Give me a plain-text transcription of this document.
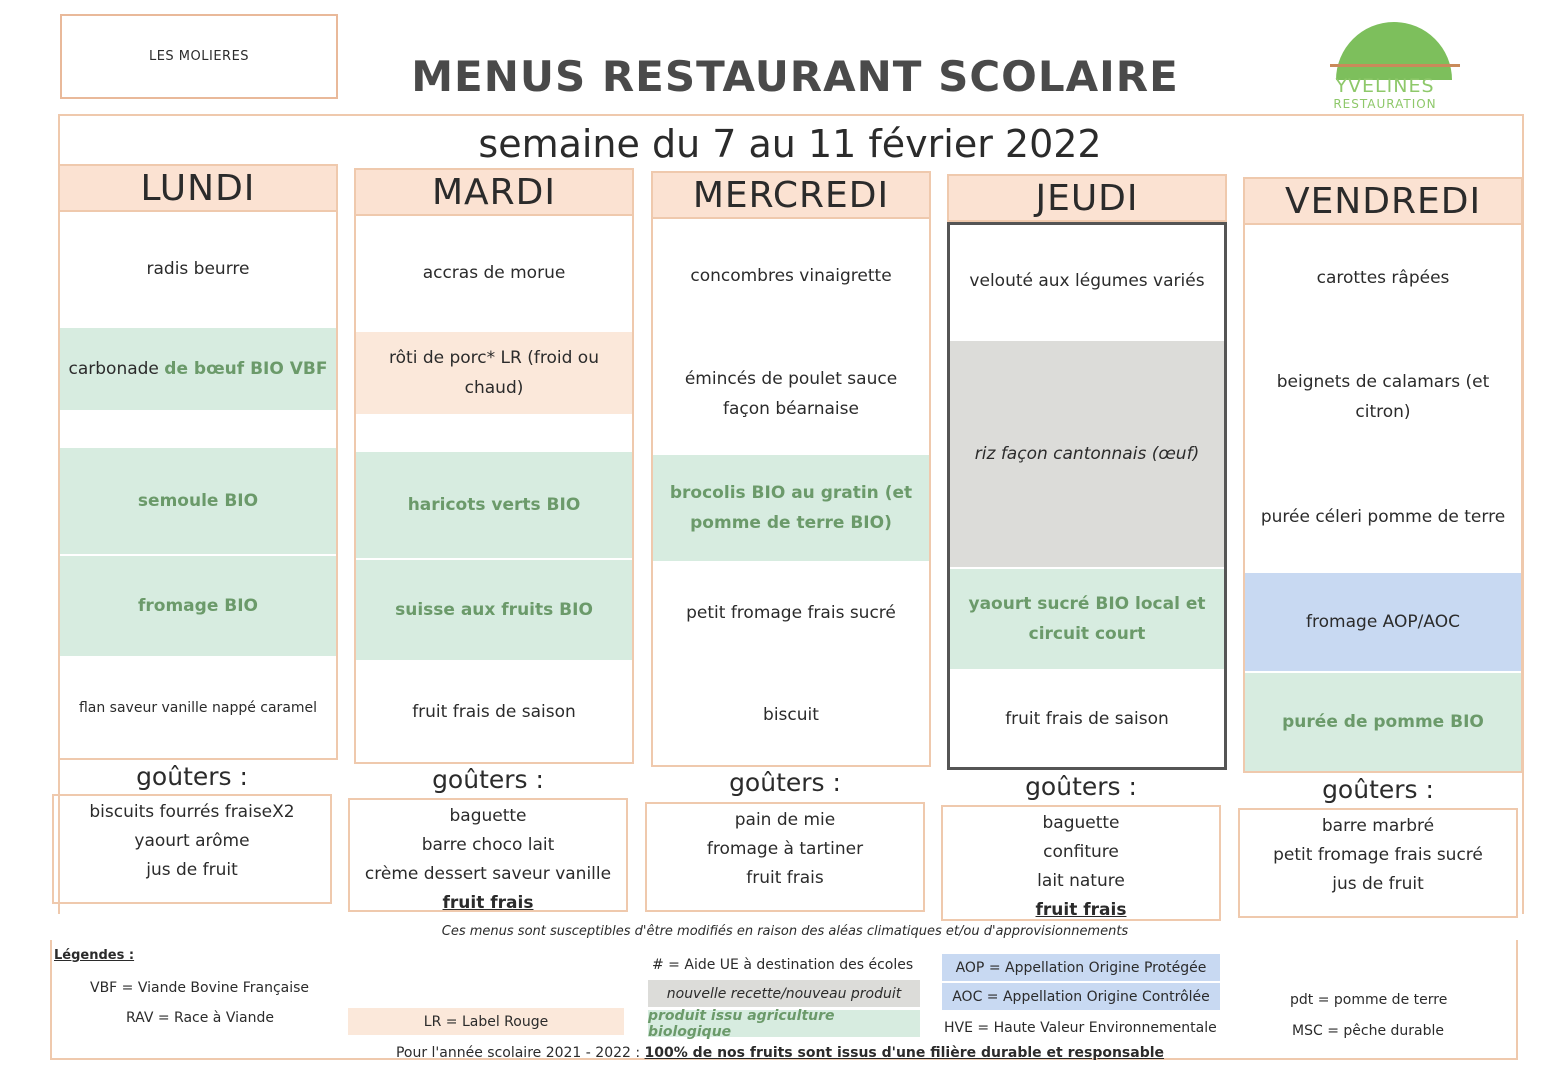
LES MOLIERES	MENUS RESTAURANT SCOLAIRE	YVELINES
RESTAURATION
semaine du 7 au 11 février 2022
LUNDI
radis beurre
carbonade
de bœuf BIO VBF
semoule BIO
fromage BIO
flan saveur vanille nappé caramel
MARDI
accras de morue
rôti de porc* LR (froid ou chaud)
haricots verts BIO
suisse aux fruits BIO
fruit frais de saison
MERCREDI
concombres vinaigrette
émincés de poulet sauce façon béarnaise
brocolis BIO au gratin (et pomme de terre BIO)
petit fromage frais sucré
biscuit
JEUDI
velouté aux légumes variés
riz façon cantonnais (œuf)
yaourt sucré BIO local et circuit court
fruit frais de saison
VENDREDI
carottes râpées
beignets de calamars (et citron)
purée céleri pomme de terre
fromage AOP/AOC
purée de pomme BIO
goûters :
biscuits fourrés fraiseX2
yaourt arôme
jus de fruit
goûters :
baguette
barre choco lait
crème dessert saveur vanille
fruit frais
goûters :
pain de mie
fromage à tartiner
fruit frais
goûters :
baguette
confiture
lait nature
fruit frais
goûters :
barre marbré
petit fromage frais sucré
jus de fruit
Ces menus sont susceptibles d'être modifiés en raison des aléas climatiques et/ou d'approvisionnements
Légendes :
VBF = Viande Bovine Française
RAV = Race à Viande	LR = Label Rouge
# = Aide UE à destination des écoles
nouvelle recette/nouveau produit
produit issu agriculture biologique
AOP = Appellation Origine Protégée
AOC = Appellation Origine Contrôlée
HVE = Haute Valeur Environnementale
pdt = pomme de terre
MSC = pêche durable
Pour l'année scolaire 2021 - 2022 : 100% de nos fruits sont issus d'une filière durable et responsable
